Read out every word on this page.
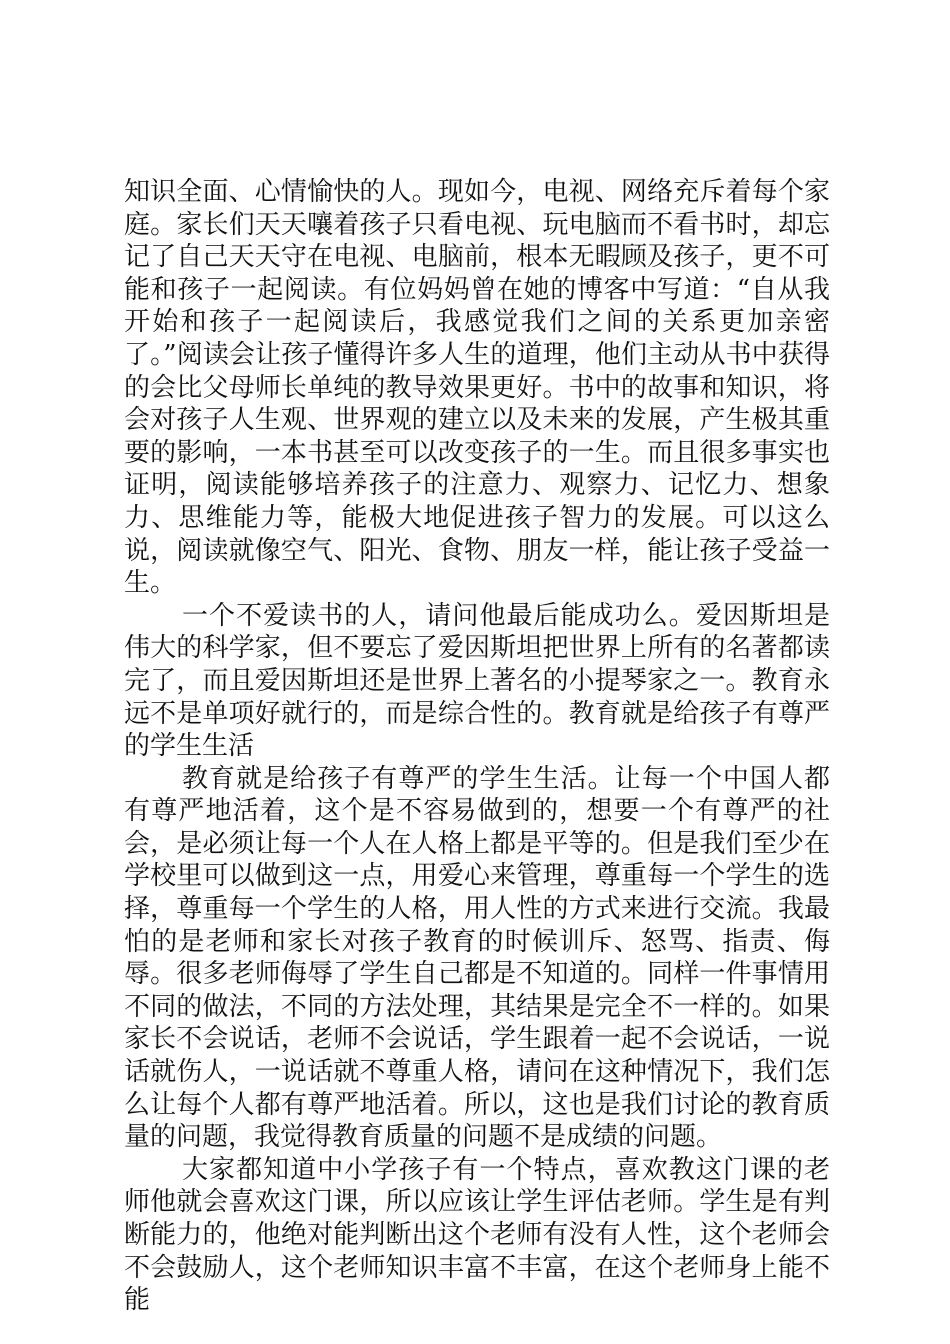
知识全面、心情愉快的人。现如今，电视、网络充斥着每个家庭。家长们天天嚷着孩子只看电视、玩电脑而不看书时，却忘记了自己天天守在电视、电脑前，根本无暇顾及孩子，更不可能和孩子一起阅读。有位妈妈曾在她的博客中写道：“自从我开始和孩子一起阅读后，我感觉我们之间的关系更加亲密了。”阅读会让孩子懂得许多人生的道理，他们主动从书中获得的会比父母师长单纯的教导效果更好。书中的故事和知识，将会对孩子人生观、世界观的建立以及未来的发展，产生极其重要的影响，一本书甚至可以改变孩子的一生。而且很多事实也证明，阅读能够培养孩子的注意力、观察力、记忆力、想象力、思维能力等，能极大地促进孩子智力的发展。可以这么说，阅读就像空气、阳光、食物、朋友一样，能让孩子受益一生。

一个不爱读书的人，请问他最后能成功么。爱因斯坦是伟大的科学家，但不要忘了爱因斯坦把世界上所有的名著都读完了，而且爱因斯坦还是世界上著名的小提琴家之一。教育永远不是单项好就行的，而是综合性的。教育就是给孩子有尊严的学生生活

教育就是给孩子有尊严的学生生活。让每一个中国人都有尊严地活着，这个是不容易做到的，想要一个有尊严的社会，是必须让每一个人在人格上都是平等的。但是我们至少在学校里可以做到这一点，用爱心来管理，尊重每一个学生的选择，尊重每一个学生的人格，用人性的方式来进行交流。我最怕的是老师和家长对孩子教育的时候训斥、怒骂、指责、侮辱。很多老师侮辱了学生自己都是不知道的。同样一件事情用不同的做法，不同的方法处理，其结果是完全不一样的。如果家长不会说话，老师不会说话，学生跟着一起不会说话，一说话就伤人，一说话就不尊重人格，请问在这种情况下，我们怎么让每个人都有尊严地活着。所以，这也是我们讨论的教育质量的问题，我觉得教育质量的问题不是成绩的问题。

大家都知道中小学孩子有一个特点，喜欢教这门课的老师他就会喜欢这门课，所以应该让学生评估老师。学生是有判断能力的，他绝对能判断出这个老师有没有人性，这个老师会不会鼓励人，这个老师知识丰富不丰富，在这个老师身上能不能
